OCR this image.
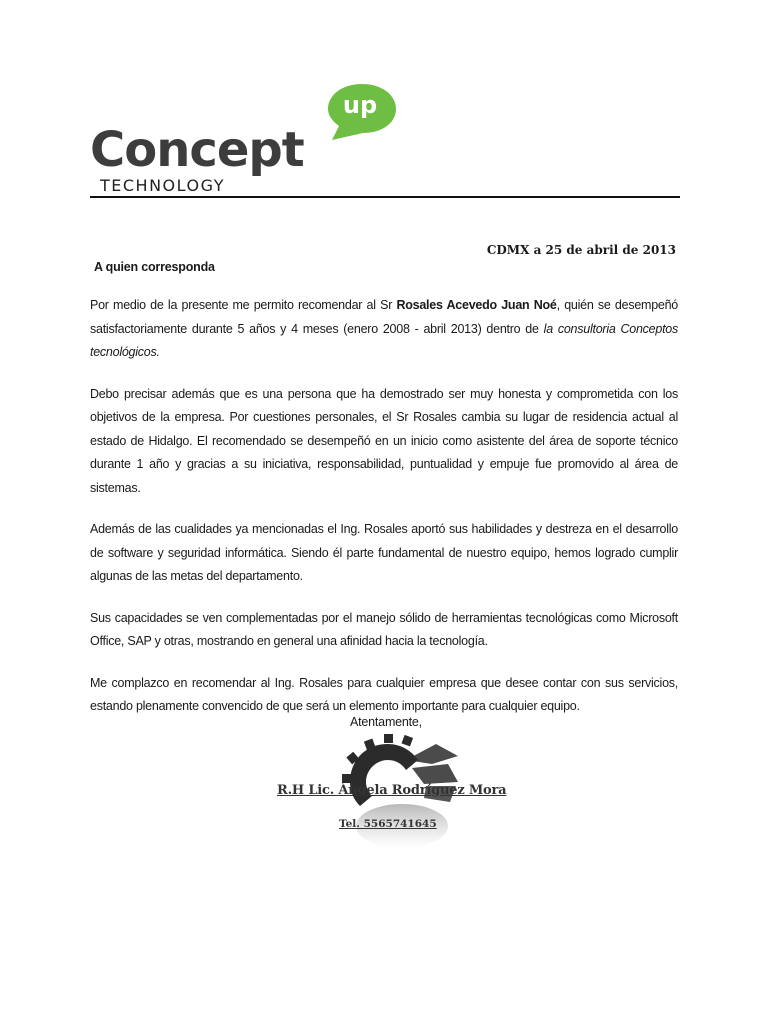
up
Concept
TECHNOLOGY
CDMX a 25 de abril de 2013
A quien corresponda

Por medio de la presente me permito recomendar al Sr Rosales Acevedo Juan Noé, quién se desempeñó satisfactoriamente durante 5 años y 4 meses (enero 2008 - abril 2013) dentro de la consultoria Conceptos tecnológicos.

Debo precisar además que es una persona que ha demostrado ser muy honesta y comprometida con los objetivos de la empresa. Por cuestiones personales, el Sr Rosales cambia su lugar de residencia actual al estado de Hidalgo. El recomendado se desempeñó en un inicio como asistente del área de soporte técnico durante 1 año y gracias a su iniciativa, responsabilidad, puntualidad y empuje fue promovido al área de sistemas.

Además de las cualidades ya mencionadas el Ing. Rosales aportó sus habilidades y destreza en el desarrollo de software y seguridad informática. Siendo él parte fundamental de nuestro equipo, hemos logrado cumplir algunas de las metas del departamento.

Sus capacidades se ven complementadas por el manejo sólido de herramientas tecnológicas como Microsoft Office, SAP y otras, mostrando en general una afinidad hacia la tecnología.

Me complazco en recomendar al Ing. Rosales para cualquier empresa que desee contar con sus servicios, estando plenamente convencido de que será un elemento importante para cualquier equipo.

Atentamente,
R.H Lic. Ángela Rodríguez Mora
Tel. 5565741645
